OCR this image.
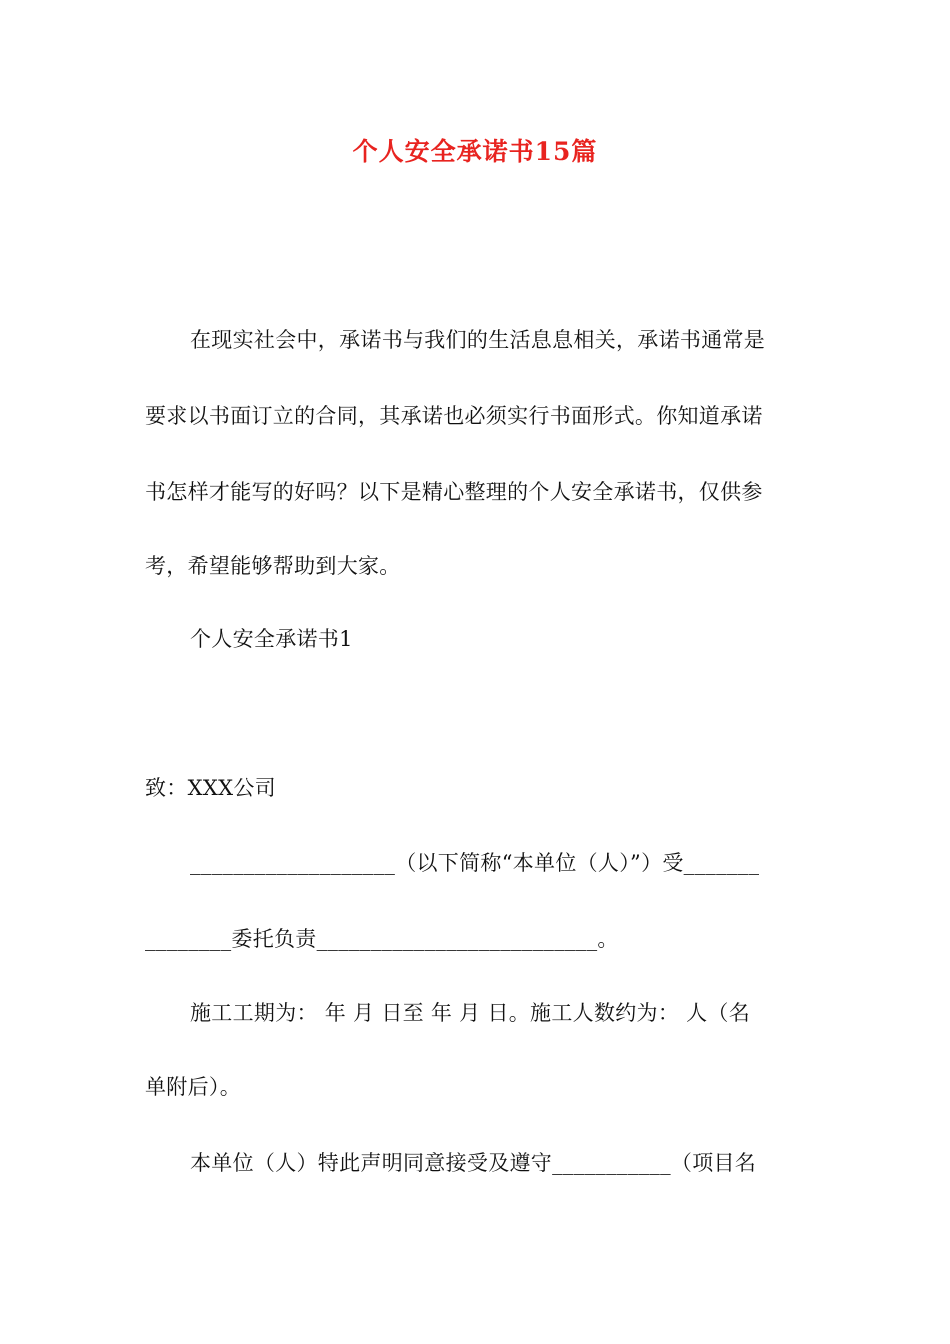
个人安全承诺书15篇
在现实社会中，承诺书与我们的生活息息相关，承诺书通常是
要求以书面订立的合同，其承诺也必须实行书面形式。你知道承诺
书怎样才能写的好吗？以下是精心整理的个人安全承诺书，仅供参
考，希望能够帮助到大家。
个人安全承诺书1
致：XXX公司
___________________（以下简称“本单位（人）”）受_______
________委托负责__________________________。
施工工期为： 年 月 日至 年 月 日。施工人数约为： 人（名
单附后）。
本单位（人）特此声明同意接受及遵守___________（项目名
